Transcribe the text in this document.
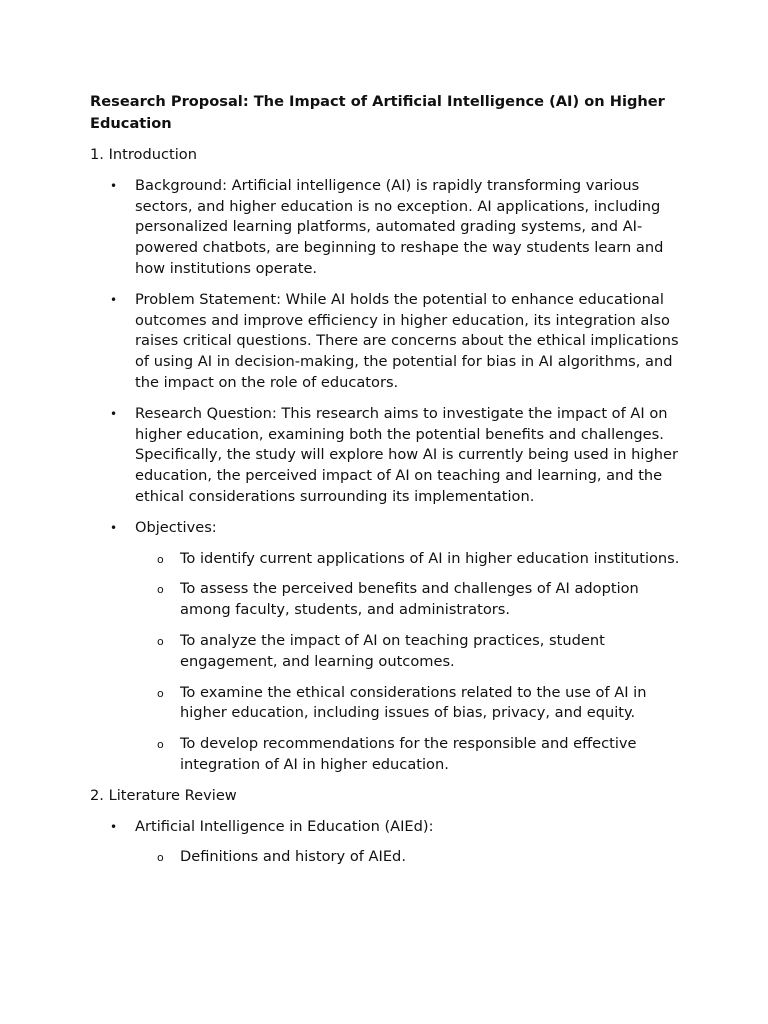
Research Proposal: The Impact of Artificial Intelligence (AI) on Higher Education
1. Introduction
• Background: Artificial intelligence (AI) is rapidly transforming various sectors, and higher education is no exception. AI applications, including personalized learning platforms, automated grading systems, and AI-powered chatbots, are beginning to reshape the way students learn and how institutions operate.
• Problem Statement: While AI holds the potential to enhance educational outcomes and improve efficiency in higher education, its integration also raises critical questions. There are concerns about the ethical implications of using AI in decision-making, the potential for bias in AI algorithms, and the impact on the role of educators.
• Research Question: This research aims to investigate the impact of AI on higher education, examining both the potential benefits and challenges. Specifically, the study will explore how AI is currently being used in higher education, the perceived impact of AI on teaching and learning, and the ethical considerations surrounding its implementation.
• Objectives:
o To identify current applications of AI in higher education institutions.
o To assess the perceived benefits and challenges of AI adoption among faculty, students, and administrators.
o To analyze the impact of AI on teaching practices, student engagement, and learning outcomes.
o To examine the ethical considerations related to the use of AI in higher education, including issues of bias, privacy, and equity.
o To develop recommendations for the responsible and effective integration of AI in higher education.
2. Literature Review
• Artificial Intelligence in Education (AIEd):
o Definitions and history of AIEd.
